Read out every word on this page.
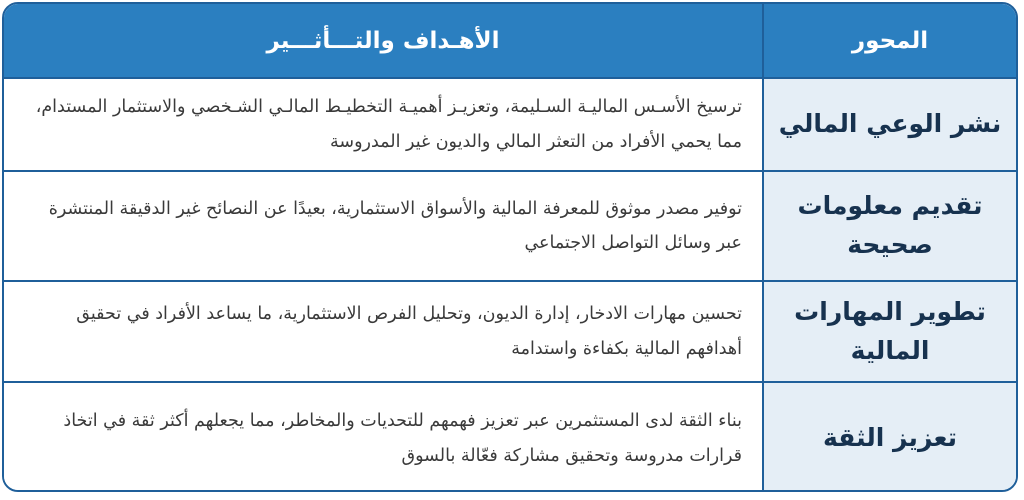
المحور	الأهـداف والتـــأثـــير
نشر الوعي المالي	ترسيخ الأسـس الماليـة السـليمة، وتعزيـز أهميـة التخطيـط المالـي الشـخصي والاستثمار المستدام، مما يحمي الأفراد من التعثر المالي والديون غير المدروسة
تقديم معلومات صحيحة	توفير مصدر موثوق للمعرفة المالية والأسواق الاستثمارية، بعيدًا عن النصائح غير الدقيقة المنتشرة عبر وسائل التواصل الاجتماعي
تطوير المهارات المالية	تحسين مهارات الادخار، إدارة الديون، وتحليل الفرص الاستثمارية، ما يساعد الأفراد في تحقيق أهدافهم المالية بكفاءة واستدامة
تعزيز الثقة	بناء الثقة لدى المستثمرين عبر تعزيز فهمهم للتحديات والمخاطر، مما يجعلهم أكثر ثقة في اتخاذ قرارات مدروسة وتحقيق مشاركة فعّالة بالسوق
